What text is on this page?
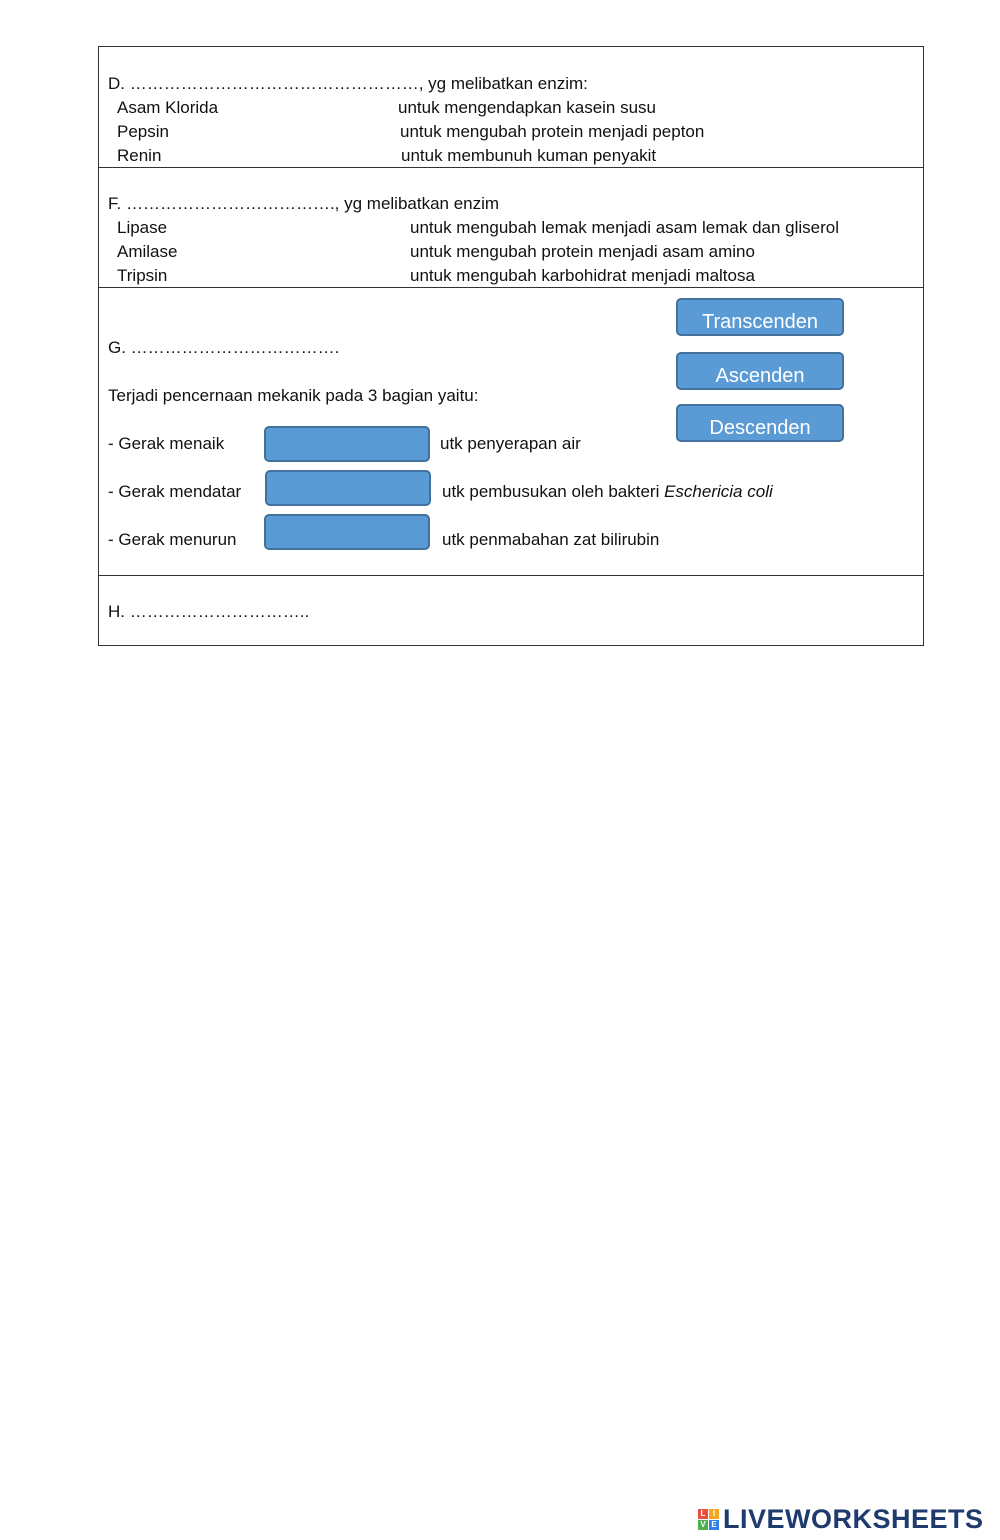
D. ……………………………………………, yg melibatkan enzim:
Asam Klorida	untuk mengendapkan kasein susu
Pepsin	untuk mengubah protein menjadi pepton
Renin	untuk membunuh kuman penyakit
F. ………………………………., yg melibatkan enzim
Lipase	untuk mengubah lemak menjadi asam lemak dan gliserol
Amilase	untuk mengubah protein menjadi asam amino
Tripsin	untuk mengubah karbohidrat menjadi maltosa
G. ……………………………….
Terjadi pencernaan mekanik pada 3 bagian yaitu:
- Gerak menaik	utk penyerapan air
- Gerak mendatar	utk pembusukan oleh bakteri Eschericia coli
- Gerak menurun	utk penmabahan zat bilirubin
Transcenden
Ascenden
Descenden
H. …………………………..
L I
V E LIVEWORKSHEETS
